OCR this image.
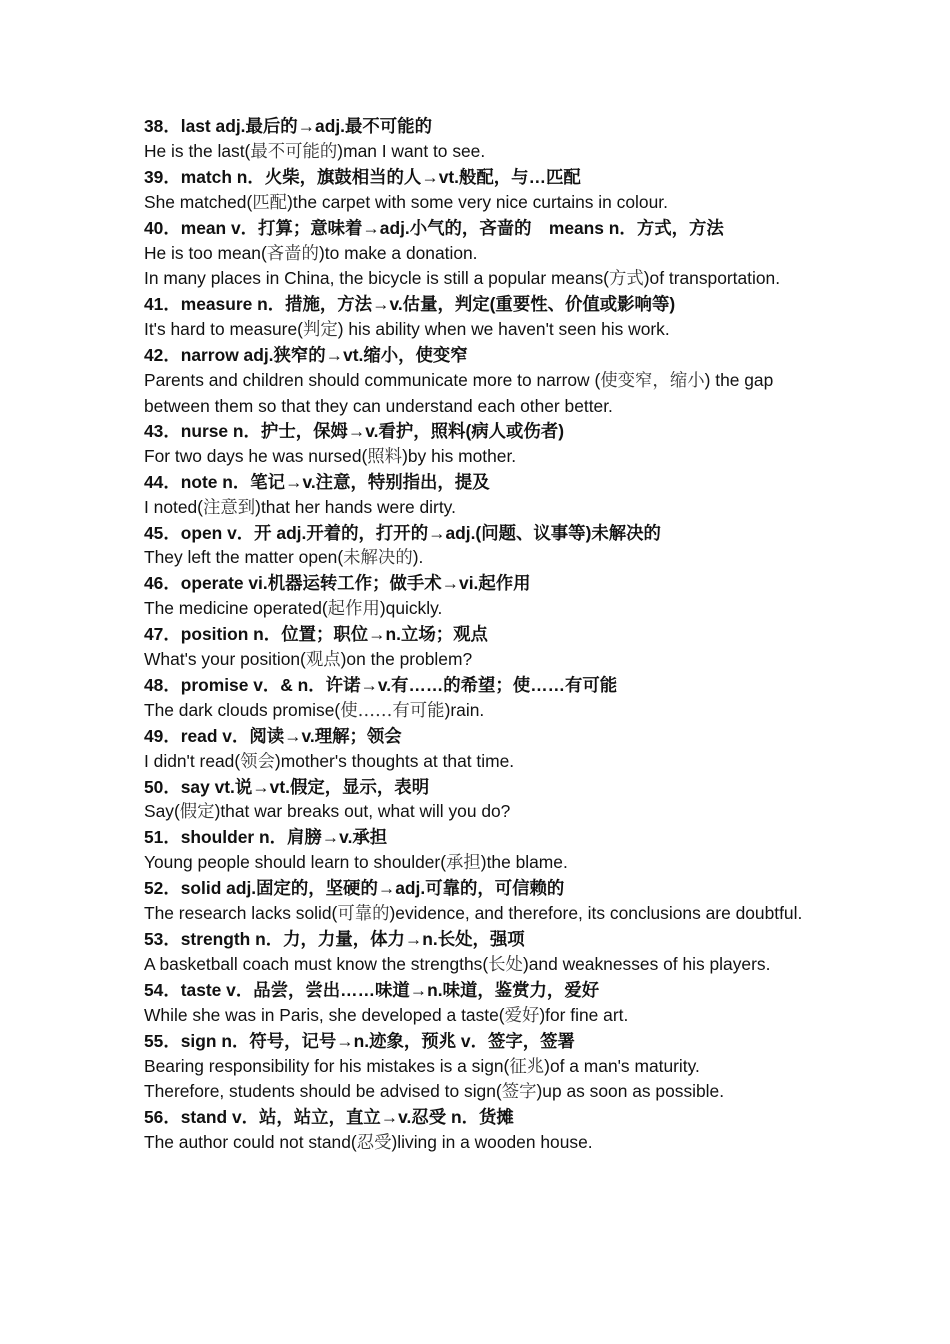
38．last adj.最后的→adj.最不可能的
He is the last(最不可能的)man I want to see.
39．match n．火柴，旗鼓相当的人→vt.般配，与…匹配
She matched(匹配)the carpet with some very nice curtains in colour.
40．mean v．打算；意味着→adj.小气的，吝啬的　means n．方式，方法
He is too mean(吝啬的)to make a donation.
In many places in China, the bicycle is still a popular means(方式)of transportation.
41．measure n．措施，方法→v.估量，判定(重要性、价值或影响等)
It's hard to measure(判定) his ability when we haven't seen his work.
42．narrow adj.狭窄的→vt.缩小，使变窄
Parents and children should communicate more to narrow (使变窄，缩小) the gap between them so that they can understand each other better.
43．nurse n．护士，保姆→v.看护，照料(病人或伤者)
For two days he was nursed(照料)by his mother.
44．note n．笔记→v.注意，特别指出，提及
I noted(注意到)that her hands were dirty.
45．open v．开 adj.开着的，打开的→adj.(问题、议事等)未解决的
They left the matter open(未解决的).
46．operate vi.机器运转工作；做手术→vi.起作用
The medicine operated(起作用)quickly.
47．position n．位置；职位→n.立场；观点
What's your position(观点)on the problem?
48．promise v．& n．许诺→v.有……的希望；使……有可能
The dark clouds promise(使……有可能)rain.
49．read v．阅读→v.理解；领会
I didn't read(领会)mother's thoughts at that time.
50．say vt.说→vt.假定，显示，表明
Say(假定)that war breaks out, what will you do?
51．shoulder n．肩膀→v.承担
Young people should learn to shoulder(承担)the blame.
52．solid adj.固定的，坚硬的→adj.可靠的，可信赖的
The research lacks solid(可靠的)evidence, and therefore, its conclusions are doubtful.
53．strength n．力，力量，体力→n.长处，强项
A basketball coach must know the strengths(长处)and weaknesses of his players.
54．taste v．品尝，尝出……味道→n.味道，鉴赏力，爱好
While she was in Paris, she developed a taste(爱好)for fine art.
55．sign n．符号，记号→n.迹象，预兆 v．签字，签署
Bearing responsibility for his mistakes is a sign(征兆)of a man's maturity.
Therefore, students should be advised to sign(签字)up as soon as possible.
56．stand v．站，站立，直立→v.忍受 n．货摊
The author could not stand(忍受)living in a wooden house.
